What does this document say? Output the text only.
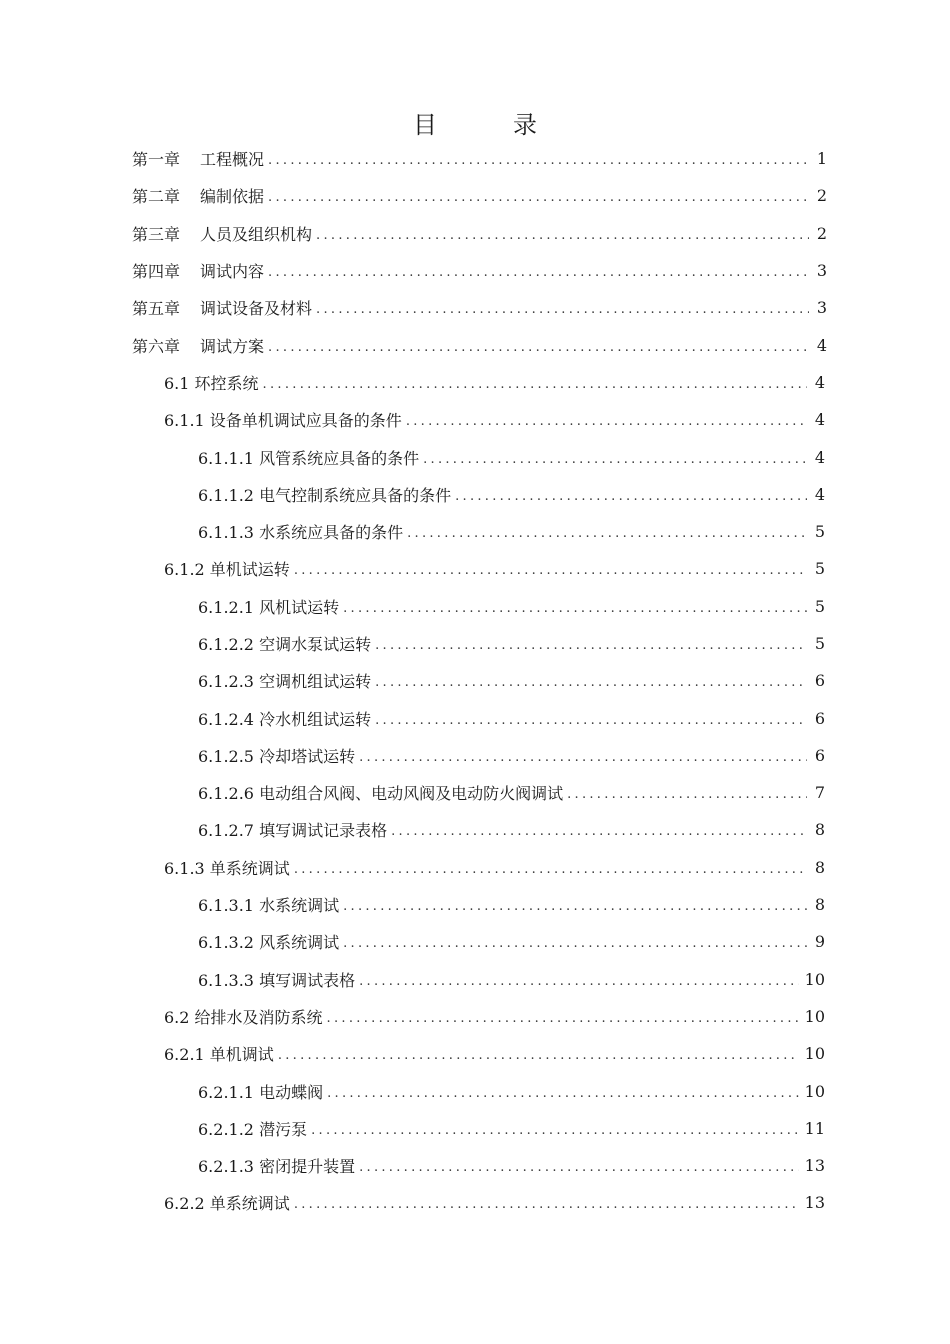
目　录
第一章 工程概况 .....	1
第二章 编制依据 .....	2
第三章 人员及组织机构 .....	2
第四章 调试内容 .....	3
第五章 调试设备及材料 .....	3
第六章 调试方案 .....	4
6.1 环控系统 .....	4
6.1.1 设备单机调试应具备的条件 .....	4
6.1.1.1 风管系统应具备的条件 .....	4
6.1.1.2 电气控制系统应具备的条件 .....	4
6.1.1.3 水系统应具备的条件 .....	5
6.1.2 单机试运转 .....	5
6.1.2.1 风机试运转 .....	5
6.1.2.2 空调水泵试运转 .....	5
6.1.2.3 空调机组试运转 .....	6
6.1.2.4 冷水机组试运转 .....	6
6.1.2.5 冷却塔试运转 .....	6
6.1.2.6 电动组合风阀、电动风阀及电动防火阀调试 .....	7
6.1.2.7 填写调试记录表格 .....	8
6.1.3 单系统调试 .....	8
6.1.3.1 水系统调试 .....	8
6.1.3.2 风系统调试 .....	9
6.1.3.3 填写调试表格 .....	10
6.2 给排水及消防系统 .....	10
6.2.1 单机调试 .....	10
6.2.1.1 电动蝶阀 .....	10
6.2.1.2 潜污泵 .....	11
6.2.1.3 密闭提升装置 .....	13
6.2.2 单系统调试 .....	13
